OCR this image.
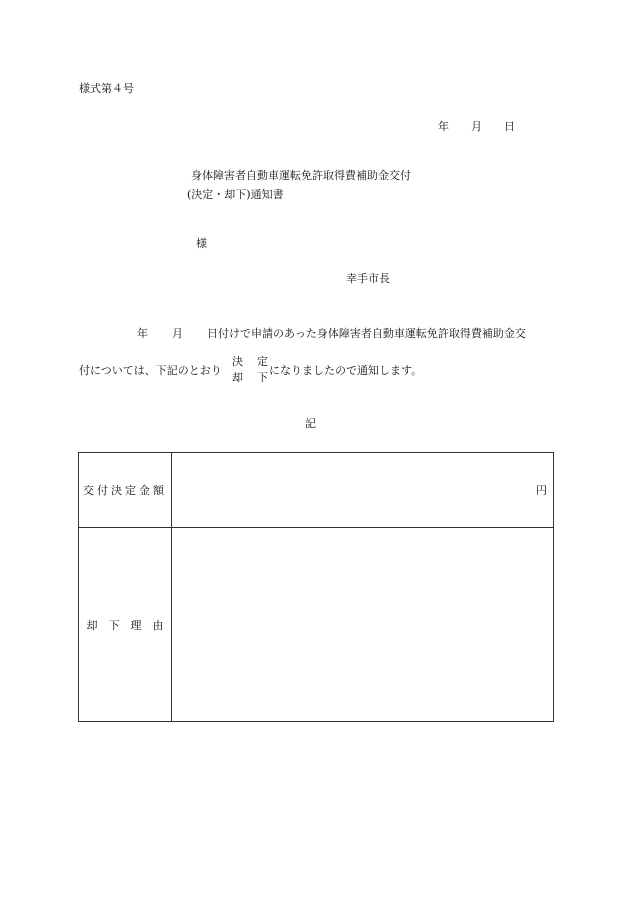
様式第４号
年 月 日
身体障害者自動車運転免許取得費補助金交付
(決定・却下)通知書
様
幸手市長
年 月 日付けで申請のあった身体障害者自動車運転免許取得費補助金交
付については、下記のとおり
決 定
却 下
になりましたので通知します。
記
交付決定金額	円
却 下 理 由	
